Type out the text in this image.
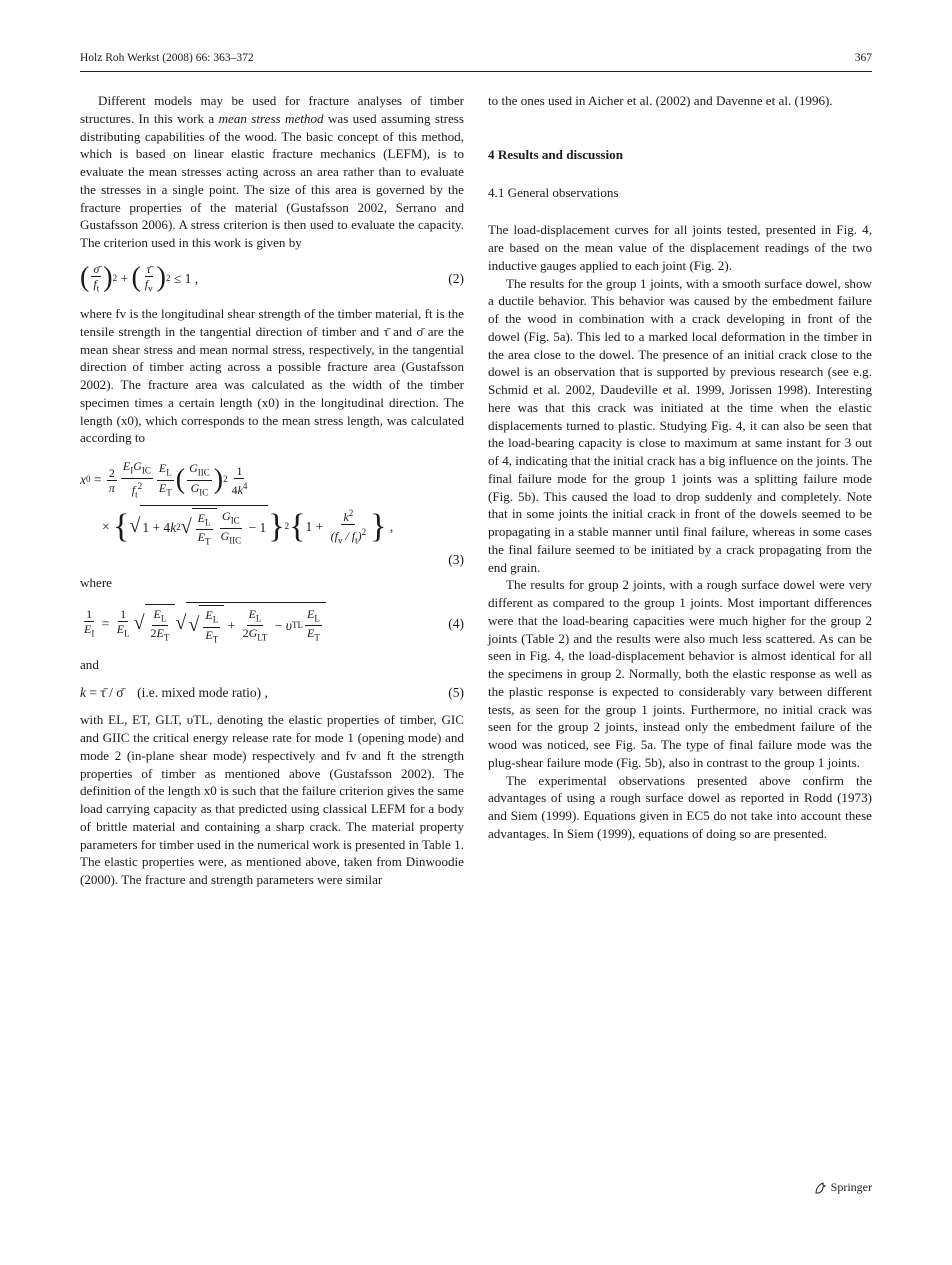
Holz Roh Werkst (2008) 66: 363–372	367

Different models may be used for fracture analyses of timber structures. In this work a mean stress method was used assuming stress distributing capabilities of the wood. The basic concept of this method, which is based on linear elastic fracture mechanics (LEFM), is to evaluate the mean stresses acting across an area rather than to evaluate the stresses in a single point. The size of this area is governed by the fracture properties of the material (Gustafsson 2002, Serrano and Gustafsson 2006). A stress criterion is then used to evaluate the capacity. The criterion used in this work is given by

( $\frac{\sigmā}{f_t}$ ) 2 + ( $\frac{\taū}{f_v}$ ) 2 ≤ 1 ,	(2)

where fv is the longitudinal shear strength of the timber material, ft is the tensile strength in the tangential direction of timber and τ̄ and σ̄ are the mean shear stress and mean normal stress, respectively, in the tangential direction of timber acting across a possible fracture area (Gustafsson 2002). The fracture area was calculated as the width of the timber specimen times a certain length (x0) in the longitudinal direction. The length (x0), which corresponds to the mean stress length, was calculated according to

x $0 = \frac{2}{\pi} \frac{E_IG_{IC}}{f_t^2} \frac{E_L}{E_T}$ ( $\frac{G_{IIC}}{G_{IC}}$ ) $2 \frac{1}{4k^4}$
× { √ 1 + 4 k 2 √ $\frac{E_L}{E_T} \frac{G_{IC}}{G_{IIC}} - 1$ } 2 { $1 + \frac{k^2}{(f_v / f_t)^2}$ } ,
(3)

where

$\frac{1}{E_I} = \frac{1}{E_L}$ √ $\frac{E_L}{2E_T}$ √ √ $\frac{E_L}{E_T} + \frac{E_L}{2G_{LT}} - \upsilon$ TL $\frac{E_L}{E_T}$	(4)

and

k = τ̄ / σ̄ (i.e. mixed mode ratio) ,	(5)

with EL, ET, GLT, υTL, denoting the elastic properties of timber, GIC and GIIC the critical energy release rate for mode 1 (opening mode) and mode 2 (in-plane shear mode) respectively and fv and ft the strength properties of timber as mentioned above (Gustafsson 2002). The definition of the length x0 is such that the failure criterion gives the same load carrying capacity as that predicted using classical LEFM for a body of brittle material and containing a sharp crack. The material property parameters for timber used in the numerical work is presented in Table 1. The elastic properties were, as mentioned above, taken from Dinwoodie (2000). The fracture and strength parameters were similar

to the ones used in Aicher et al. (2002) and Davenne et al. (1996).

4 Results and discussion
4.1 General observations

The load-displacement curves for all joints tested, presented in Fig. 4, are based on the mean value of the displacement readings of the two inductive gauges applied to each joint (Fig. 2).

The results for the group 1 joints, with a smooth surface dowel, show a ductile behavior. This behavior was caused by the embedment failure of the wood in combination with a crack developing in front of the dowel (Fig. 5a). This led to a marked local deformation in the timber in the area close to the dowel. The presence of an initial crack close to the dowel is an observation that is supported by previous research (see e.g. Schmid et al. 2002, Daudeville et al. 1999, Jorissen 1998). Interesting here was that this crack was initiated at the time when the elastic displacements turned to plastic. Studying Fig. 4, it can also be seen that the load-bearing capacity is close to maximum at same instant for 3 out of 4, indicating that the initial crack has a big influence on the joints. The final failure mode for the group 1 joints was a splitting failure mode (Fig. 5b). This caused the load to drop suddenly and completely. Note that in some joints the initial crack in front of the dowels seemed to be propagating in a stable manner until final failure, whereas in some cases the final failure seemed to be initiated by a crack propagating from the end grain.

The results for group 2 joints, with a rough surface dowel were very different as compared to the group 1 joints. Most important differences were that the load-bearing capacities were much higher for the group 2 joints (Table 2) and the results were also much less scattered. As can be seen in Fig. 4, the load-displacement behavior is almost identical for all the specimens in group 2. Normally, both the elastic response as well as the plastic response is expected to considerably vary between different tests, as seen for the group 1 joints. Furthermore, no initial crack was seen for the group 2 joints, instead only the embedment failure of the wood was noticed, see Fig. 5a. The type of final failure mode was the plug-shear failure mode (Fig. 5b), also in contrast to the group 1 joints.

The experimental observations presented above confirm the advantages of using a rough surface dowel as reported in Rodd (1973) and Siem (1999). Equations given in EC5 do not take into account these advantages. In Siem (1999), equations of doing so are presented.

Springer
